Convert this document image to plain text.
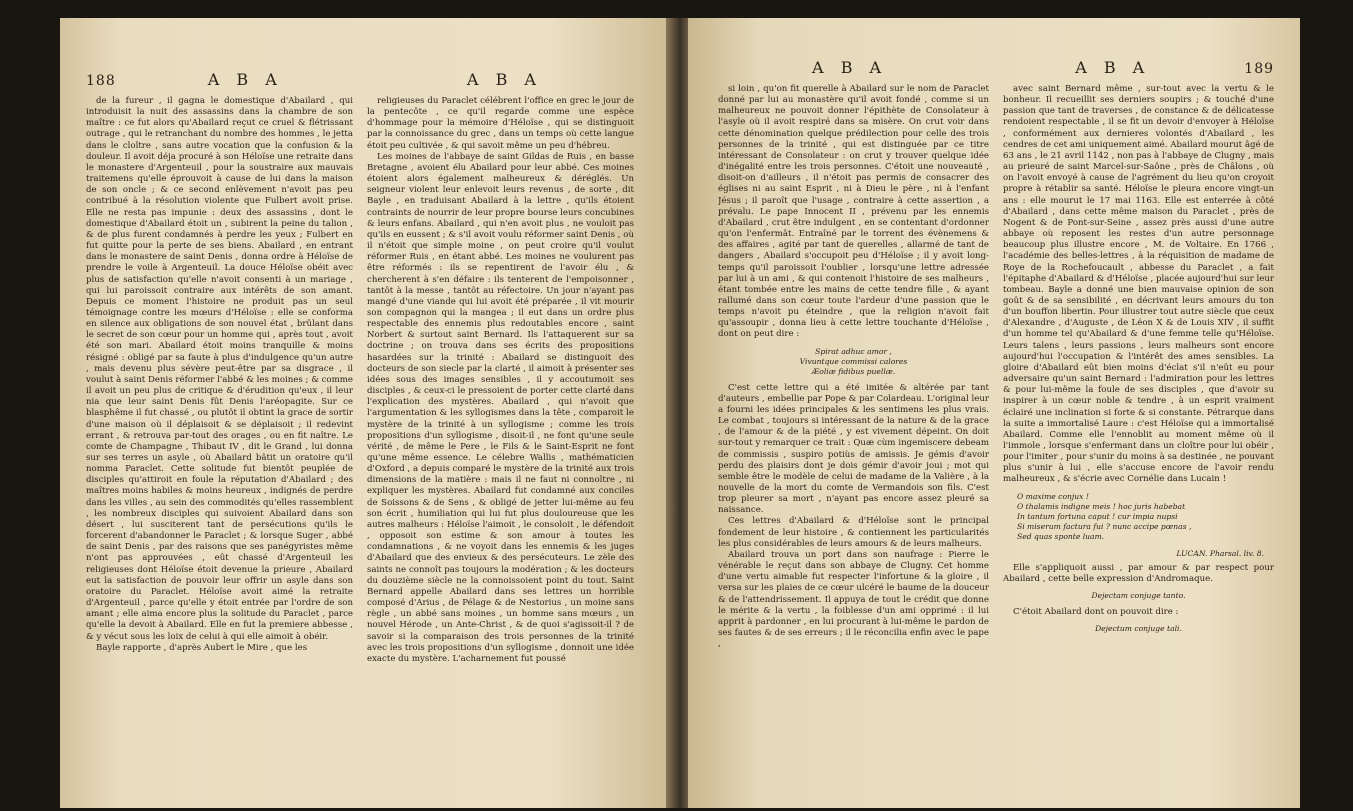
188	A B A	A B A

de la fureur , il gagna le domestique d'Abailard , qui introduisit la nuit des assassins dans la chambre de son maître : ce fut alors qu'Abailard reçut ce cruel & flétrissant outrage , qui le retranchant du nombre des hommes , le jetta dans le cloître , sans autre vocation que la confusion & la douleur. Il avoit déja procuré à son Héloïse une retraite dans le monastere d'Argenteuil , pour la soustraire aux mauvais traitemens qu'elle éprouvoit à cause de lui dans la maison de son oncle ; & ce second enlèvement n'avoit pas peu contribué à la résolution violente que Fulbert avoit prise. Elle ne resta pas impunie : deux des assassins , dont le domestique d'Abailard étoit un , subirent la peine du talion , & de plus furent condamnés à perdre les yeux ; Fulbert en fut quitte pour la perte de ses biens. Abailard , en entrant dans le monastere de saint Denis , donna ordre à Héloïse de prendre le voile à Argenteuil. La douce Héloïse obéit avec plus de satisfaction qu'elle n'avoit consenti à un mariage , qui lui paroissoit contraire aux intérêts de son amant. Depuis ce moment l'histoire ne produit pas un seul témoignage contre les mœurs d'Héloïse : elle se conforma en silence aux obligations de son nouvel état , brûlant dans le secret de son cœur pour un homme qui , après tout , avoit été son mari. Abailard étoit moins tranquille & moins résigné : obligé par sa faute à plus d'indulgence qu'un autre , mais devenu plus sévère peut-être par sa disgrace , il voulut à saint Denis réformer l'abbé & les moines ; & comme il avoit un peu plus de critique & d'érudition qu'eux , il leur nia que leur saint Denis fût Denis l'aréopagite. Sur ce blasphême il fut chassé , ou plutôt il obtint la grace de sortir d'une maison où il déplaisoit & se déplaisoit ; il redevint errant , & retrouva par-tout des orages , ou en fit naître. Le comte de Champagne , Thibaut IV , dit le Grand , lui donna sur ses terres un asyle , où Abailard bâtit un oratoire qu'il nomma Paraclet. Cette solitude fut bientôt peuplée de disciples qu'attiroit en foule la réputation d'Abailard ; des maîtres moins habiles & moins heureux , indignés de perdre dans les villes , au sein des commodités qu'elles rassemblent , les nombreux disciples qui suivoient Abailard dans son désert , lui susciterent tant de persécutions qu'ils le forcerent d'abandonner le Paraclet ; & lorsque Suger , abbé de saint Denis , par des raisons que ses panégyristes même n'ont pas approuvées , eût chassé d'Argenteuil les religieuses dont Héloïse étoit devenue la prieure , Abailard eut la satisfaction de pouvoir leur offrir un asyle dans son oratoire du Paraclet. Héloïse avoit aimé la retraite d'Argenteuil , parce qu'elle y étoit entrée par l'ordre de son amant ; elle aima encore plus la solitude du Paraclet , parce qu'elle la devoit à Abailard. Elle en fut la premiere abbesse , & y vécut sous les loix de celui à qui elle aimoit à obéir.

Bayle rapporte , d'après Aubert le Mire , que les

religieuses du Paraclet célébrent l'office en grec le jour de la pentecôte , ce qu'il regarde comme une espèce d'hommage pour la mémoire d'Héloïse , qui se distinguoit par la connoissance du grec , dans un temps où cette langue étoit peu cultivée , & qui savoit même un peu d'hébreu.

Les moines de l'abbaye de saint Gildas de Ruis , en basse Bretagne , avoient élu Abailard pour leur abbé. Ces moines étoient alors également malheureux & déréglés. Un seigneur violent leur enlevoit leurs revenus , de sorte , dit Bayle , en traduisant Abailard à la lettre , qu'ils étoient contraints de nourrir de leur propre bourse leurs concubines & leurs enfans. Abailard , qui n'en avoit plus , ne vouloit pas qu'ils en eussent ; & s'il avoit voulu réformer saint Denis , où il n'étoit que simple moine , on peut croire qu'il voulut réformer Ruis , en étant abbé. Les moines ne voulurent pas être réformés : ils se repentirent de l'avoir élu , & chercherent à s'en défaire : ils tenterent de l'empoisonner , tantôt à la messe , tantôt au réfectoire. Un jour n'ayant pas mangé d'une viande qui lui avoit été préparée , il vit mourir son compagnon qui la mangea ; il eut dans un ordre plus respectable des ennemis plus redoutables encore , saint Norbert & surtout saint Bernard. Ils l'attaquerent sur sa doctrine ; on trouva dans ses écrits des propositions hasardées sur la trinité : Abailard se distinguoit des docteurs de son siecle par la clarté , il aimoit à présenter ses idées sous des images sensibles , il y accoutumoit ses disciples , & ceux-ci le pressoient de porter cette clarté dans l'explication des mystères. Abailard , qui n'avoit que l'argumentation & les syllogismes dans la tête , comparoit le mystère de la trinité à un syllogisme ; comme les trois propositions d'un syllogisme , disoit-il , ne font qu'une seule vérité , de même le Pere , le Fils & le Saint-Esprit ne font qu'une même essence. Le célebre Wallis , mathématicien d'Oxford , a depuis comparé le mystère de la trinité aux trois dimensions de la matière : mais il ne faut ni connoître , ni expliquer les mystères. Abailard fut condamné aux conciles de Soissons & de Sens , & obligé de jetter lui-même au feu son écrit , humiliation qui lui fut plus douloureuse que les autres malheurs : Héloïse l'aimoit , le consoloit , le défendoit , opposoit son estime & son amour à toutes les condamnations , & ne voyoit dans les ennemis & les juges d'Abailard que des envieux & des persécuteurs. Le zèle des saints ne connoît pas toujours la modération ; & les docteurs du douzième siècle ne la connoissoient point du tout. Saint Bernard appelle Abailard dans ses lettres un horrible composé d'Arius , de Pélage & de Nestorius , un moine sans règle , un abbé sans moines , un homme sans mœurs , un nouvel Hérode , un Ante-Christ , & de quoi s'agissoit-il ? de savoir si la comparaison des trois personnes de la trinité avec les trois propositions d'un syllogisme , donnoit une idée exacte du mystère. L'acharnement fut poussé

A B A	A B A	189

si loin , qu'on fit querelle à Abailard sur le nom de Paraclet donné par lui au monastère qu'il avoit fondé , comme si un malheureux ne pouvoit donner l'épithète de Consolateur à l'asyle où il avoit respiré dans sa misère. On crut voir dans cette dénomination quelque prédilection pour celle des trois personnes de la trinité , qui est distinguée par ce titre intéressant de Consolateur : on crut y trouver quelque idée d'inégalité entre les trois personnes. C'étoit une nouveauté , disoit-on d'ailleurs , il n'étoit pas permis de consacrer des églises ni au saint Esprit , ni à Dieu le père , ni à l'enfant Jésus ; il paroît que l'usage , contraire à cette assertion , a prévalu. Le pape Innocent II , prévenu par les ennemis d'Abailard , crut être indulgent , en se contentant d'ordonner qu'on l'enfermât. Entraîné par le torrent des évènemens & des affaires , agité par tant de querelles , allarmé de tant de dangers , Abailard s'occupoit peu d'Héloïse ; il y avoit long-temps qu'il paroissoit l'oublier , lorsqu'une lettre adressée par lui à un ami , & qui contenoit l'histoire de ses malheurs , étant tombée entre les mains de cette tendre fille , & ayant rallumé dans son cœur toute l'ardeur d'une passion que le temps n'avoit pu éteindre , que la religion n'avoit fait qu'assoupir , donna lieu à cette lettre touchante d'Héloïse , dont on peut dire :

Spirat adhuc amor ,
Vivuntque commissi calores
Æoliæ fidibus puellæ.

C'est cette lettre qui a été imitée & altérée par tant d'auteurs , embellie par Pope & par Colardeau. L'original leur a fourni les idées principales & les sentimens les plus vrais. Le combat , toujours si intéressant de la nature & de la grace , de l'amour & de la piété , y est vivement dépeint. On doit sur-tout y remarquer ce trait : Quæ cùm ingemiscere debeam de commissis , suspiro potiùs de amissis. Je gémis d'avoir perdu des plaisirs dont je dois gémir d'avoir joui ; mot qui semble être le modèle de celui de madame de la Valière , à la nouvelle de la mort du comte de Vermandois son fils. C'est trop pleurer sa mort , n'ayant pas encore assez pleuré sa naissance.

Ces lettres d'Abailard & d'Héloïse sont le principal fondement de leur histoire , & contiennent les particularités les plus considérables de leurs amours & de leurs malheurs.

Abailard trouva un port dans son naufrage : Pierre le vénérable le reçut dans son abbaye de Clugny. Cet homme d'une vertu aimable fut respecter l'infortune & la gloire , il versa sur les plaies de ce cœur ulcéré le baume de la douceur & de l'attendrissement. Il appuya de tout le crédit que donne le mérite & la vertu , la foiblesse d'un ami opprimé : il lui apprit à pardonner , en lui procurant à lui-même le pardon de ses fautes & de ses erreurs ; il le réconcilia enfin avec le pape ,

avec saint Bernard même , sur-tout avec la vertu & le bonheur. Il recueillit ses derniers soupirs ; & touché d'une passion que tant de traverses , de constance & de délicatesse rendoient respectable , il se fit un devoir d'envoyer à Héloïse , conformément aux dernieres volontés d'Abailard , les cendres de cet ami uniquement aimé. Abailard mourut âgé de 63 ans , le 21 avril 1142 , non pas à l'abbaye de Clugny , mais au prieuré de saint Marcel-sur-Saône , près de Châlons , où on l'avoit envoyé à cause de l'agrément du lieu qu'on croyoit propre à rétablir sa santé. Héloïse le pleura encore vingt-un ans : elle mourut le 17 mai 1163. Elle est enterrée à côté d'Abailard , dans cette même maison du Paraclet , près de Nogent & de Pont-sur-Seine , assez près aussi d'une autre abbaye où reposent les restes d'un autre personnage beaucoup plus illustre encore , M. de Voltaire. En 1766 , l'académie des belles-lettres , à la réquisition de madame de Roye de la Rochefoucault , abbesse du Paraclet , a fait l'épitaphe d'Abailard & d'Héloïse , placée aujourd'hui sur leur tombeau. Bayle a donné une bien mauvaise opinion de son goût & de sa sensibilité , en décrivant leurs amours du ton d'un bouffon libertin. Pour illustrer tout autre siècle que ceux d'Alexandre , d'Auguste , de Léon X & de Louis XIV , il suffit d'un homme tel qu'Abailard & d'une femme telle qu'Héloïse. Leurs talens , leurs passions , leurs malheurs sont encore aujourd'hui l'occupation & l'intérêt des ames sensibles. La gloire d'Abailard eût bien moins d'éclat s'il n'eût eu pour adversaire qu'un saint Bernard : l'admiration pour les lettres & pour lui-même la foule de ses disciples , que d'avoir su inspirer à un cœur noble & tendre , à un esprit vraiment éclairé une inclination si forte & si constante. Pétrarque dans la suite a immortalisé Laure : c'est Héloïse qui a immortalisé Abailard. Comme elle l'ennoblit au moment même où il l'immole , lorsque s'enfermant dans un cloître pour lui obéir , pour l'imiter , pour s'unir du moins à sa destinée , ne pouvant plus s'unir à lui , elle s'accuse encore de l'avoir rendu malheureux , & s'écrie avec Cornélie dans Lucain !

O maxime conjux !
O thalamis indigne meis ! hoc juris habebat
In tantum fortuna caput ! cur impia nupsi
Si miserum factura fui ? nunc accipe pœnas ,
Sed quas sponte luam.
LUCAN. Pharsal. liv. 8.

Elle s'appliquoit aussi , par amour & par respect pour Abailard , cette belle expression d'Andromaque.

Dejectam conjuge tanto.

C'étoit Abailard dont on pouvoit dire :

Dejectum conjuge tali.
